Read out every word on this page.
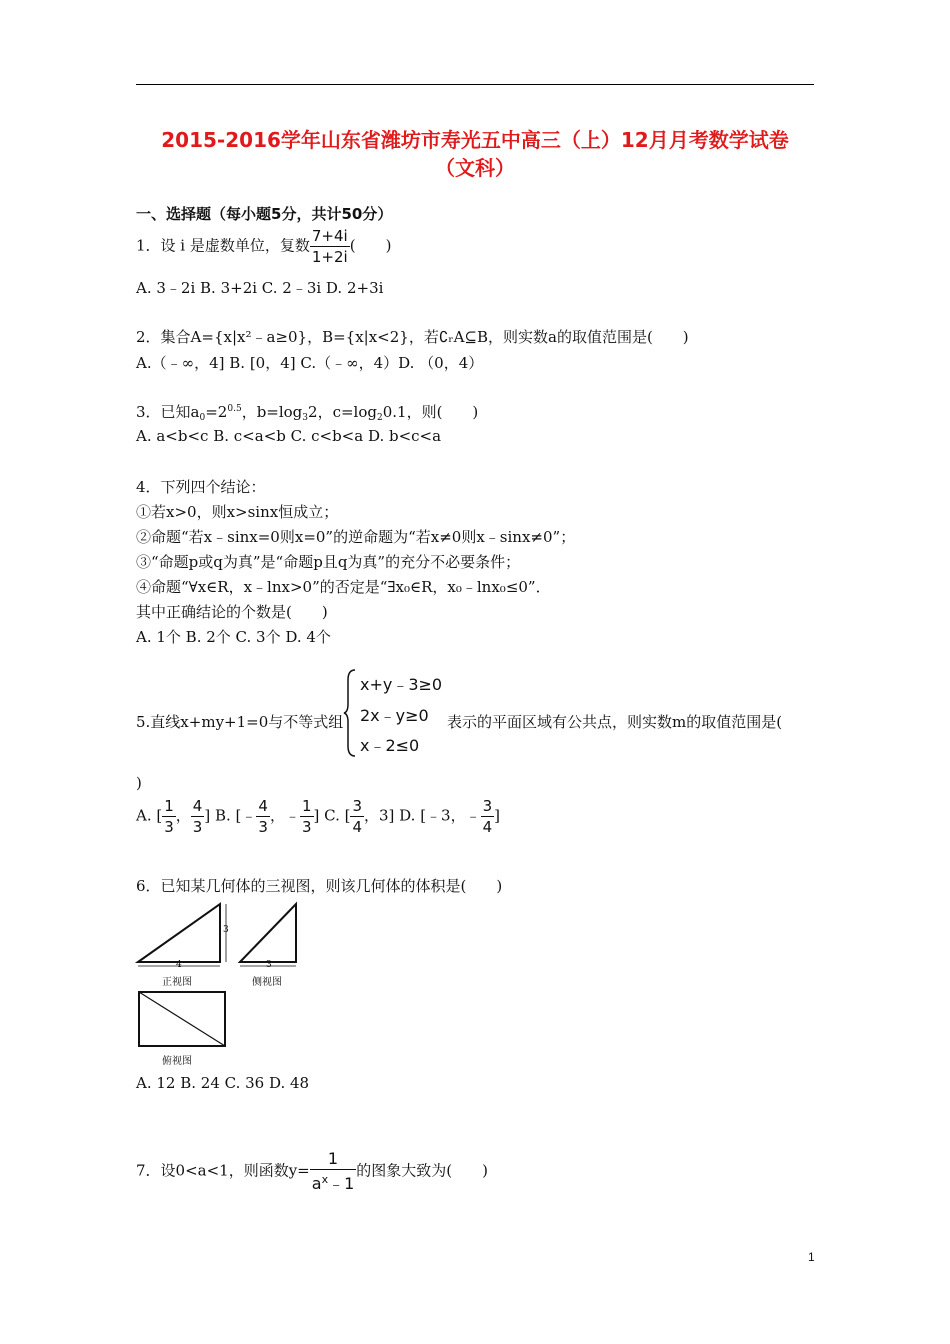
2015-2016学年山东省潍坊市寿光五中高三（上）12月月考数学试卷
（文科）
一、选择题（每小题5分，共计50分）
1．设 i 是虚数单位，复数 $\frac{7+4i}{1+2i}$ (　　)
A. 3﹣2i B. 3+2i C. 2﹣3i D. 2+3i
2．集合A={x|x²﹣a≥0}，B={x|x<2}，若∁ᵣA⊆B，则实数a的取值范围是(　　)
A.（﹣∞，4] B. [0，4] C.（﹣∞，4）D. （0，4）
3．已知$a_0=2^{0.5}$，$b=\log_32$，$c=\log_20.1$，则(　　)
A. a<b<c B. c<a<b C. c<b<a D. b<c<a
4．下列四个结论：
①若x>0，则x>sinx恒成立；
②命题“若x﹣sinx=0则x=0”的逆命题为“若x≠0则x﹣sinx≠0”；
③“命题p或q为真”是“命题p且q为真”的充分不必要条件；
④命题“∀x∈R，x﹣lnx>0”的否定是“∃x₀∈R，x₀﹣lnx₀≤0”．
其中正确结论的个数是(　　)
A. 1个 B. 2个 C. 3个 D. 4个
5.直线x+my+1=0与不等式组
x+y﹣3≥0
2x﹣y≥0
x﹣2≤0
表示的平面区域有公共点，则实数m的取值范围是(
)
A. [ $\frac{1}{3}$ ， $\frac{4}{3}$ ] B. [﹣ $\frac{4}{3}$ ，﹣ $\frac{1}{3}$ ] C. [ $\frac{3}{4}$ ，3] D. [﹣3，﹣ $\frac{3}{4}$ ]
6．已知某几何体的三视图，则该几何体的体积是(　　)
3
4	3
正视图	侧视图
俯视图
A. 12 B. 24 C. 36 D. 48
7．设0<a<1，则函数$y= \frac{1}{a^x﹣1}$ 的图象大致为(　　)
1
